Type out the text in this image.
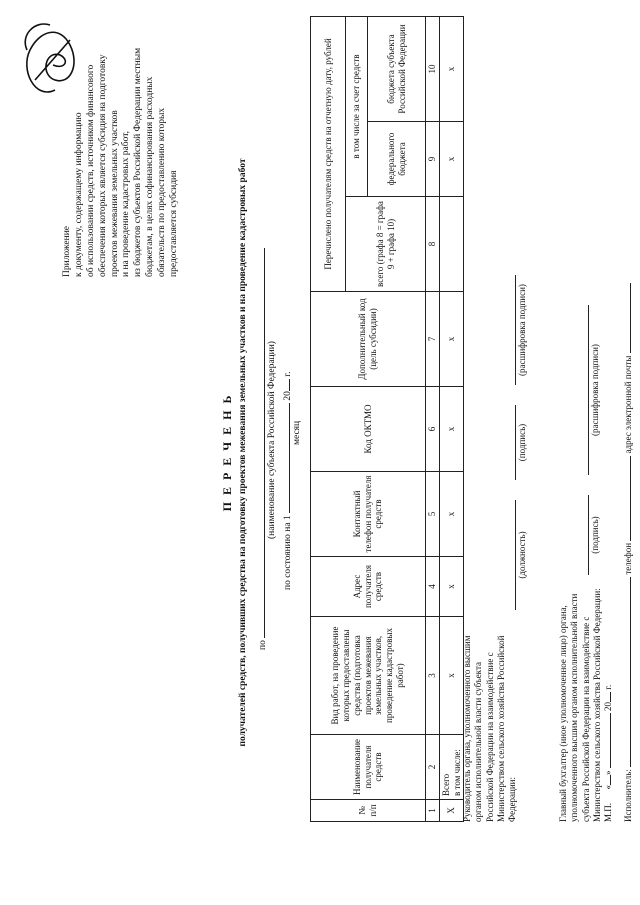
Приложение к документу, содержащему информацию об использовании средств, источником финансового обеспечения которых является субсидия на подготовку проектов межевания земельных участков и на проведение кадастровых работ, из бюджетов субъектов Российской Федерации местным бюджетам, в целях софинансирования расходных обязательств по предоставлению которых предоставляется субсидия
П Е Р Е Ч Е Н Ь получателей средств, получивших средства на подготовку проектов межевания земельных участков и на проведение кадастровых работ	по
(наименование субъекта Российской Федерации)
по состоянию на 1  20 г.
месяц
№ п/п	Наименование получателя средств	Вид работ, на проведение которых предоставлены средства (подготовка проектов межевания земельных участков, проведение кадастровых работ)	Адрес получателя средств	Контактный телефон получателя средств	Код ОКТМО	Дополнительный код (цель субсидии)	Перечислено получателям средств на отчетную дату, рублей		
							всего (графа 8 = графа 9 + графа 10)	в том числе за счет средств	
								федерального бюджета	бюджета субъекта Российской Федерации
1	2	3	4	5	6	7	8	9	10
X	Всего в том числе:	x	x	x	x	x		x	x
Руководитель органа, уполномоченного высшим органом исполнительной власти субъекта Российской Федерации на взаимодействие с Министерством сельского хозяйства Российской Федерации:
(должность)
(подпись)
(расшифровка подписи)
Главный бухгалтер (иное уполномоченное лицо) органа, уполномоченного высшим органом исполнительной власти субъекта Российской Федерации на взаимодействие с Министерством сельского хозяйства Российской Федерации:
(подпись)
(расшифровка подписи)
М.П.      «»  20 г.
Исполнитель:  телефон  адрес электронной почты
